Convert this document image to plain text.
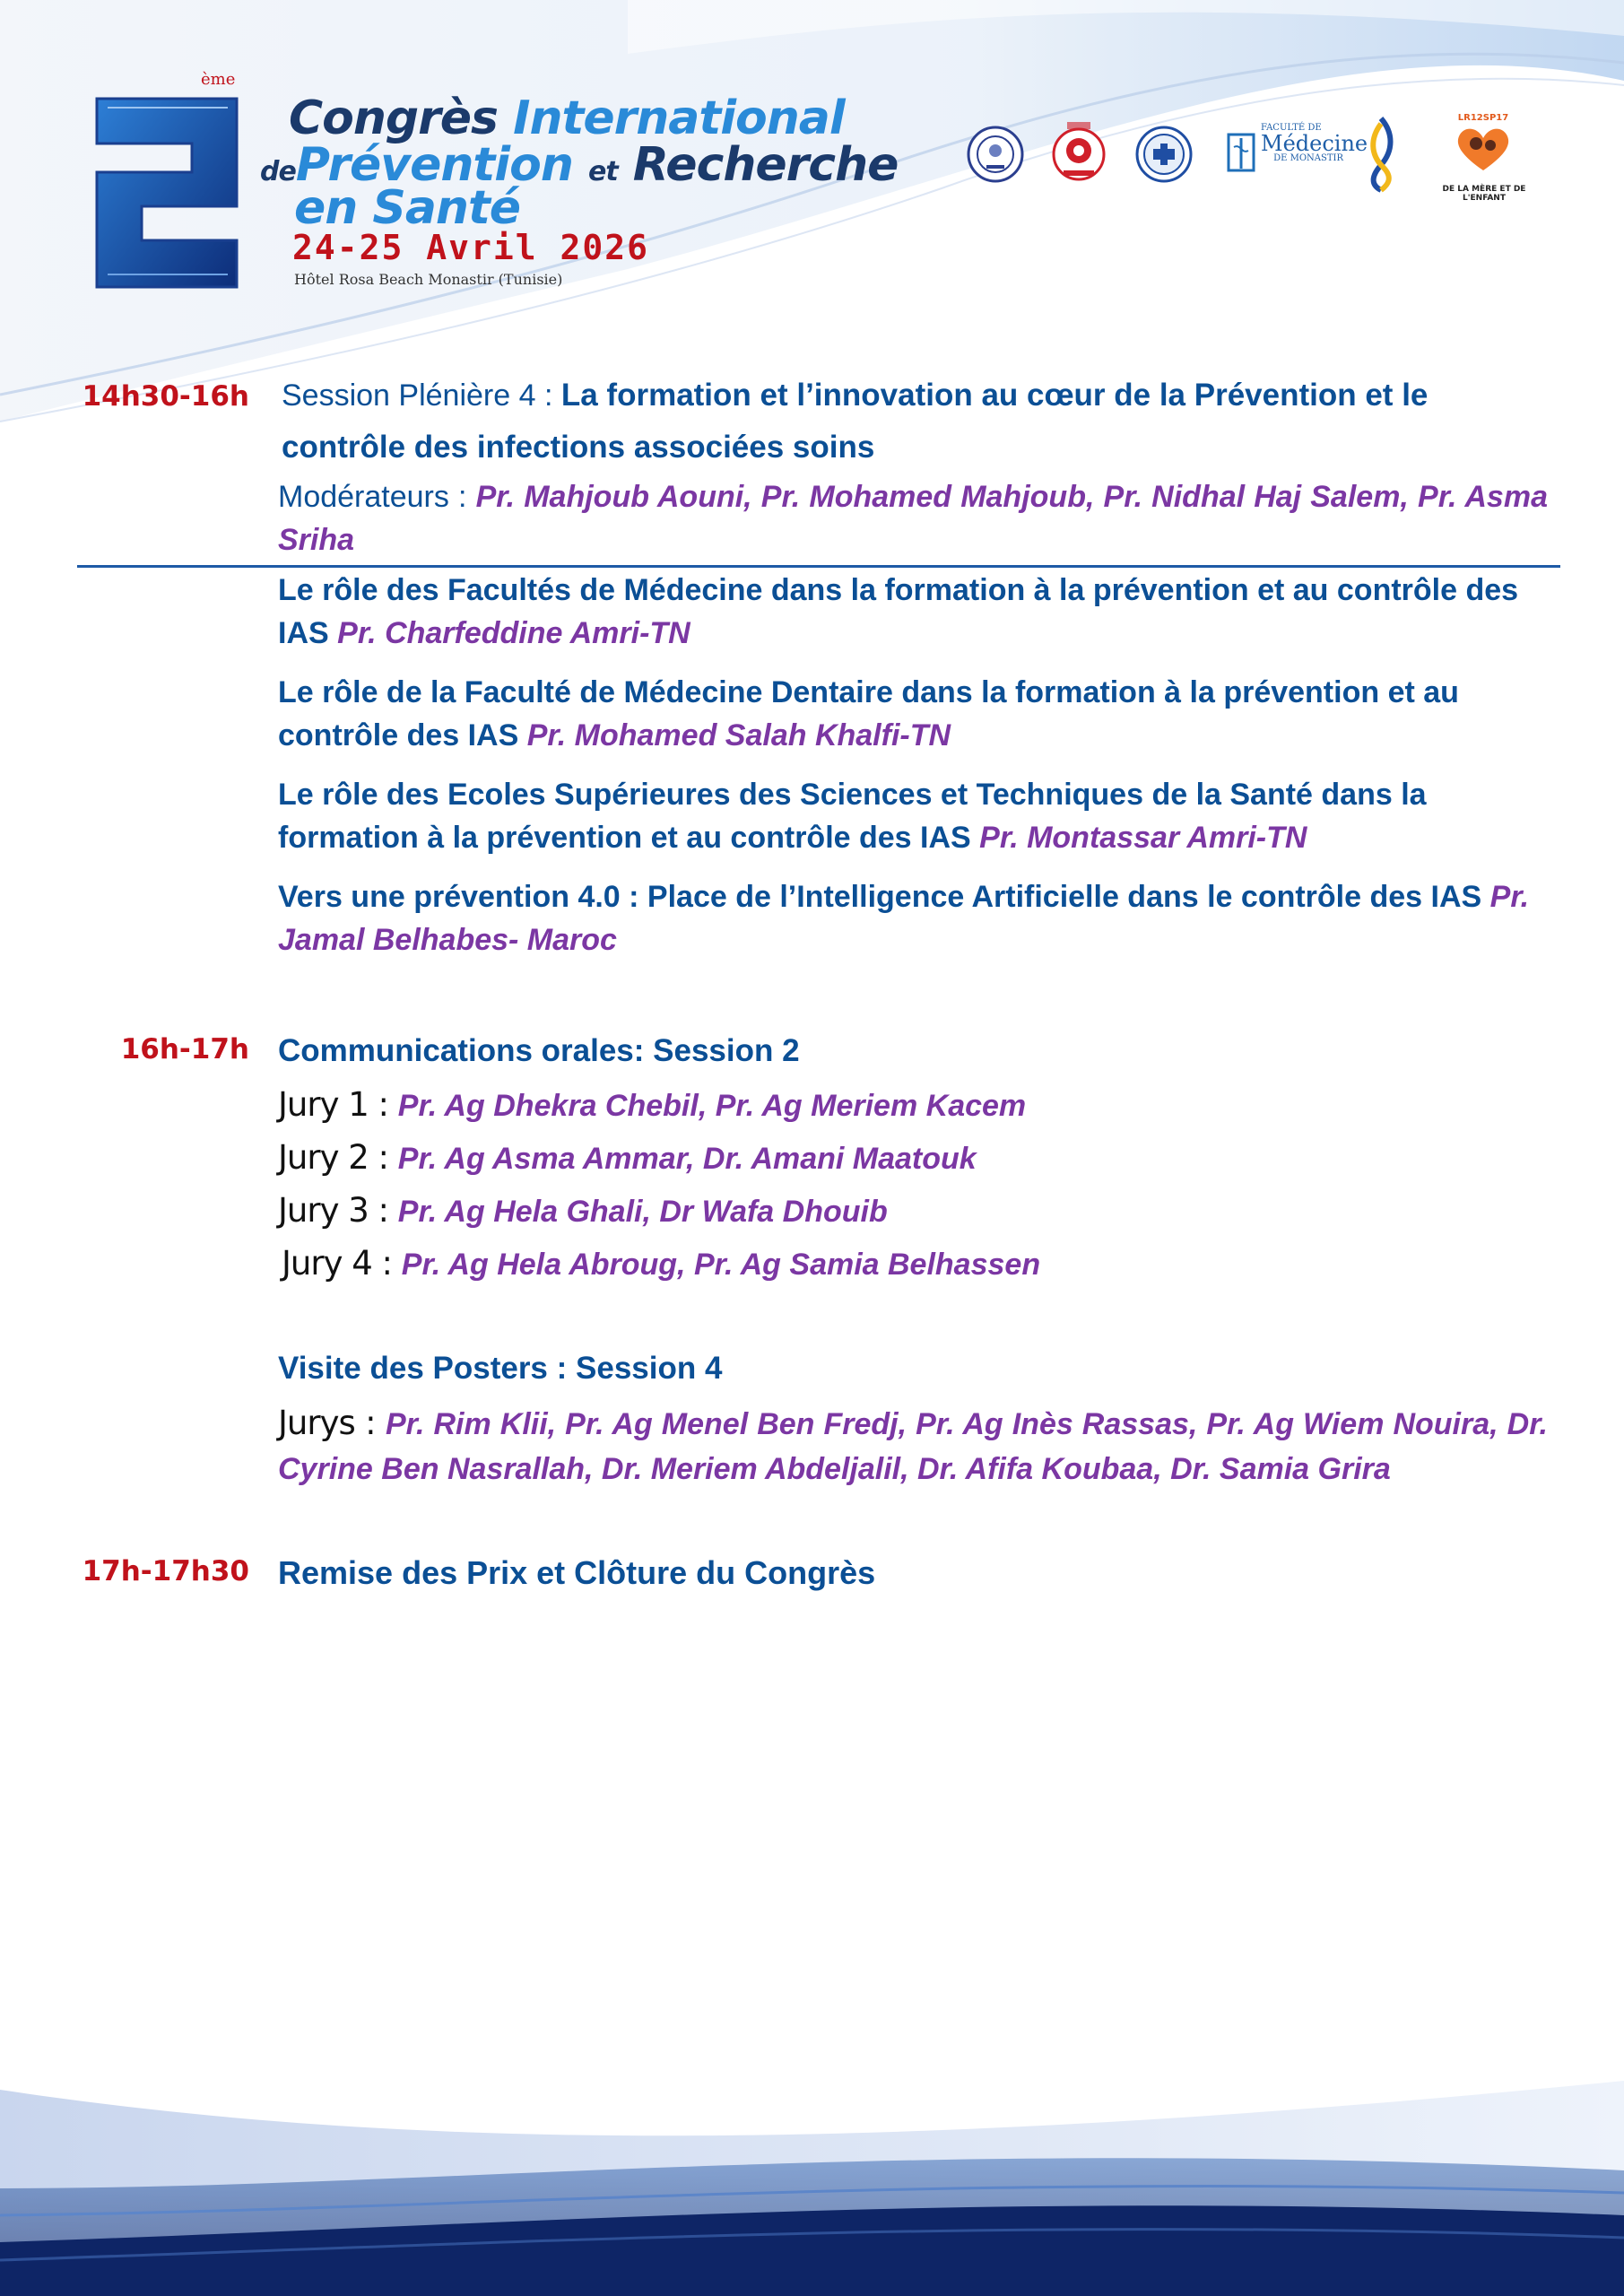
ème
Congrès International
dePrévention et Recherche
en Santé
24-25 Avril 2026
Hôtel Rosa Beach Monastir (Tunisie)
FACULTÉ DE
Médecine
DE MONASTIR
LR12SP17
DE LA MÈRE ET DE L'ENFANT
14h30-16h Session Plénière 4 : La formation et l’innovation au cœur de la Prévention et le contrôle des infections associées soins
Modérateurs : Pr. Mahjoub Aouni, Pr. Mohamed Mahjoub, Pr. Nidhal Haj Salem, Pr. Asma Sriha

Le rôle des Facultés de Médecine dans la formation à la prévention et au contrôle des IAS Pr. Charfeddine Amri-TN

Le rôle de la Faculté de Médecine Dentaire dans la formation à la prévention et au contrôle des IAS Pr. Mohamed Salah Khalfi-TN

Le rôle des Ecoles Supérieures des Sciences et Techniques de la Santé dans la formation à la prévention et au contrôle des IAS Pr. Montassar Amri-TN

Vers une prévention 4.0 : Place de l’Intelligence Artificielle dans le contrôle des IAS Pr. Jamal Belhabes- Maroc

16h-17h Communications orales: Session 2

Jury 1 : Pr. Ag Dhekra Chebil, Pr. Ag Meriem Kacem

Jury 2 : Pr. Ag Asma Ammar, Dr. Amani Maatouk

Jury 3 : Pr. Ag Hela Ghali, Dr Wafa Dhouib

Jury 4 : Pr. Ag Hela Abroug, Pr. Ag Samia Belhassen

Visite des Posters : Session 4
Jurys : Pr. Rim Klii, Pr. Ag Menel Ben Fredj, Pr. Ag Inès Rassas, Pr. Ag Wiem Nouira, Dr. Cyrine Ben Nasrallah, Dr. Meriem Abdeljalil, Dr. Afifa Koubaa, Dr. Samia Grira
17h-17h30 Remise des Prix et Clôture du Congrès
